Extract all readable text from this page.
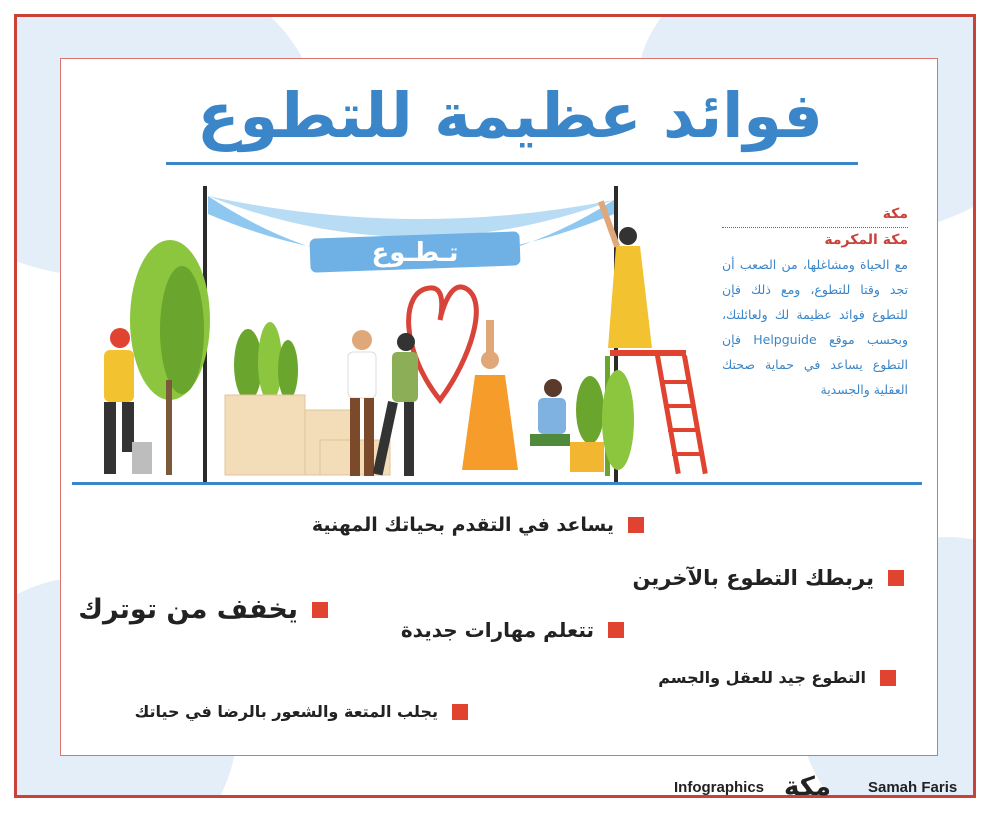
فوائد عظيمة للتطوع
تـطـوع
مكة
مكة المكرمة
مع الحياة ومشاغلها، من الصعب أن تجد وقتا للتطوع، ومع ذلك فإن للتطوع فوائد عظيمة لك ولعائلتك، وبحسب موقع Helpguide فإن التطوع يساعد في حماية صحتك العقلية والجسدية
يساعد في التقدم بحياتك المهنية
يربطك التطوع بالآخرين
يخفف من توترك
تتعلم مهارات جديدة
التطوع جيد للعقل والجسم
يجلب المتعة والشعور بالرضا في حياتك
Infographics مكة Samah Faris
